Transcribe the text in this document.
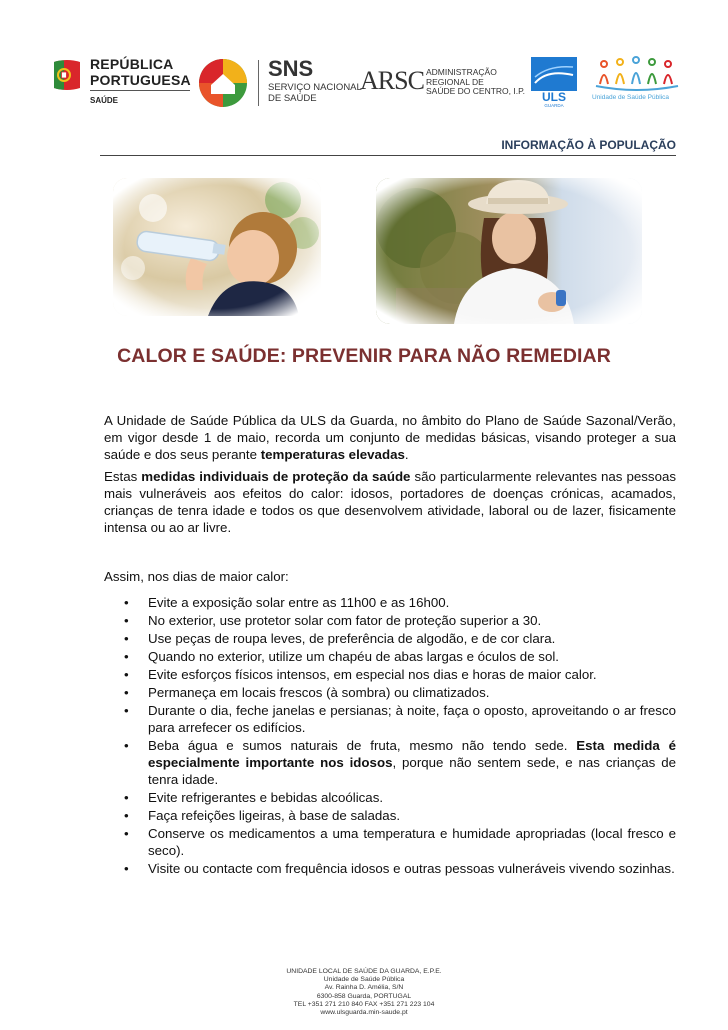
REPÚBLICA
PORTUGUESA
SAÚDE
SNS
SERVIÇO NACIONAL
DE SAÚDE
ARSC ADMINISTRAÇÃO
REGIONAL DE
SAÚDE DO CENTRO, I.P. ULS
GUARDA
Unidade de Saúde Pública
INFORMAÇÃO À POPULAÇÃO
CALOR E SAÚDE: PREVENIR PARA NÃO REMEDIAR

A Unidade de Saúde Pública da ULS da Guarda, no âmbito do Plano de Saúde Sazonal/Verão, em vigor desde 1 de maio, recorda um conjunto de medidas básicas, visando proteger a sua saúde e dos seus perante temperaturas elevadas.

Estas medidas individuais de proteção da saúde são particularmente relevantes nas pessoas mais vulneráveis aos efeitos do calor: idosos, portadores de doenças crónicas, acamados, crianças de tenra idade e todos os que desenvolvem atividade, laboral ou de lazer, fisicamente intensa ou ao ar livre.

Assim, nos dias de maior calor:
• Evite a exposição solar entre as 11h00 e as 16h00.
• No exterior, use protetor solar com fator de proteção superior a 30.
• Use peças de roupa leves, de preferência de algodão, e de cor clara.
• Quando no exterior, utilize um chapéu de abas largas e óculos de sol.
• Evite esforços físicos intensos, em especial nos dias e horas de maior calor.
• Permaneça em locais frescos (à sombra) ou climatizados.
• Durante o dia, feche janelas e persianas; à noite, faça o oposto, aproveitando o ar fresco para arrefecer os edifícios.
• Beba água e sumos naturais de fruta, mesmo não tendo sede. Esta medida é especialmente importante nos idosos, porque não sentem sede, e nas crianças de tenra idade.
• Evite refrigerantes e bebidas alcoólicas.
• Faça refeições ligeiras, à base de saladas.
• Conserve os medicamentos a uma temperatura e humidade apropriadas (local fresco e seco).
• Visite ou contacte com frequência idosos e outras pessoas vulneráveis vivendo sozinhas.
UNIDADE LOCAL DE SAÚDE DA GUARDA, E.P.E.
Unidade de Saúde Pública
Av. Rainha D. Amélia, S/N
6300-858 Guarda, PORTUGAL
TEL +351 271 210 840 FAX +351 271 223 104
www.ulsguarda.min-saude.pt
